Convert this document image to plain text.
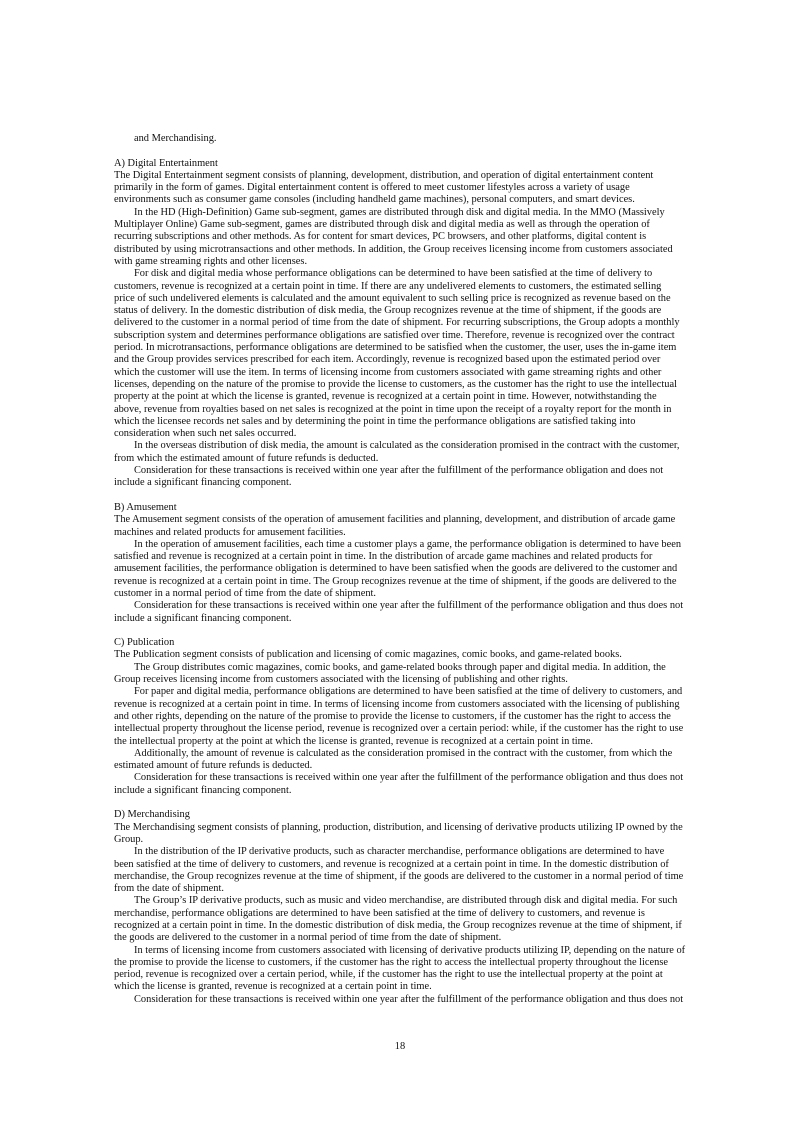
and Merchandising.
A) Digital Entertainment
The Digital Entertainment segment consists of planning, development, distribution, and operation of digital entertainment content
primarily in the form of games. Digital entertainment content is offered to meet customer lifestyles across a variety of usage
environments such as consumer game consoles (including handheld game machines), personal computers, and smart devices.
In the HD (High-Definition) Game sub-segment, games are distributed through disk and digital media. In the MMO (Massively
Multiplayer Online) Game sub-segment, games are distributed through disk and digital media as well as through the operation of
recurring subscriptions and other methods. As for content for smart devices, PC browsers, and other platforms, digital content is
distributed by using microtransactions and other methods. In addition, the Group receives licensing income from customers associated
with game streaming rights and other licenses.
For disk and digital media whose performance obligations can be determined to have been satisfied at the time of delivery to
customers, revenue is recognized at a certain point in time. If there are any undelivered elements to customers, the estimated selling
price of such undelivered elements is calculated and the amount equivalent to such selling price is recognized as revenue based on the
status of delivery. In the domestic distribution of disk media, the Group recognizes revenue at the time of shipment, if the goods are
delivered to the customer in a normal period of time from the date of shipment. For recurring subscriptions, the Group adopts a monthly
subscription system and determines performance obligations are satisfied over time. Therefore, revenue is recognized over the contract
period. In microtransactions, performance obligations are determined to be satisfied when the customer, the user, uses the in-game item
and the Group provides services prescribed for each item. Accordingly, revenue is recognized based upon the estimated period over
which the customer will use the item. In terms of licensing income from customers associated with game streaming rights and other
licenses, depending on the nature of the promise to provide the license to customers, as the customer has the right to use the intellectual
property at the point at which the license is granted, revenue is recognized at a certain point in time. However, notwithstanding the
above, revenue from royalties based on net sales is recognized at the point in time upon the receipt of a royalty report for the month in
which the licensee records net sales and by determining the point in time the performance obligations are satisfied taking into
consideration when such net sales occurred.
In the overseas distribution of disk media, the amount is calculated as the consideration promised in the contract with the customer,
from which the estimated amount of future refunds is deducted.
Consideration for these transactions is received within one year after the fulfillment of the performance obligation and does not
include a significant financing component.
B) Amusement
The Amusement segment consists of the operation of amusement facilities and planning, development, and distribution of arcade game
machines and related products for amusement facilities.
In the operation of amusement facilities, each time a customer plays a game, the performance obligation is determined to have been
satisfied and revenue is recognized at a certain point in time. In the distribution of arcade game machines and related products for
amusement facilities, the performance obligation is determined to have been satisfied when the goods are delivered to the customer and
revenue is recognized at a certain point in time. The Group recognizes revenue at the time of shipment, if the goods are delivered to the
customer in a normal period of time from the date of shipment.
Consideration for these transactions is received within one year after the fulfillment of the performance obligation and thus does not
include a significant financing component.
C) Publication
The Publication segment consists of publication and licensing of comic magazines, comic books, and game-related books.
The Group distributes comic magazines, comic books, and game-related books through paper and digital media. In addition, the
Group receives licensing income from customers associated with the licensing of publishing and other rights.
For paper and digital media, performance obligations are determined to have been satisfied at the time of delivery to customers, and
revenue is recognized at a certain point in time. In terms of licensing income from customers associated with the licensing of publishing
and other rights, depending on the nature of the promise to provide the license to customers, if the customer has the right to access the
intellectual property throughout the license period, revenue is recognized over a certain period: while, if the customer has the right to use
the intellectual property at the point at which the license is granted, revenue is recognized at a certain point in time.
Additionally, the amount of revenue is calculated as the consideration promised in the contract with the customer, from which the
estimated amount of future refunds is deducted.
Consideration for these transactions is received within one year after the fulfillment of the performance obligation and thus does not
include a significant financing component.
D) Merchandising
The Merchandising segment consists of planning, production, distribution, and licensing of derivative products utilizing IP owned by the
Group.
In the distribution of the IP derivative products, such as character merchandise, performance obligations are determined to have
been satisfied at the time of delivery to customers, and revenue is recognized at a certain point in time. In the domestic distribution of
merchandise, the Group recognizes revenue at the time of shipment, if the goods are delivered to the customer in a normal period of time
from the date of shipment.
The Group’s IP derivative products, such as music and video merchandise, are distributed through disk and digital media. For such
merchandise, performance obligations are determined to have been satisfied at the time of delivery to customers, and revenue is
recognized at a certain point in time. In the domestic distribution of disk media, the Group recognizes revenue at the time of shipment, if
the goods are delivered to the customer in a normal period of time from the date of shipment.
In terms of licensing income from customers associated with licensing of derivative products utilizing IP, depending on the nature of
the promise to provide the license to customers, if the customer has the right to access the intellectual property throughout the license
period, revenue is recognized over a certain period, while, if the customer has the right to use the intellectual property at the point at
which the license is granted, revenue is recognized at a certain point in time.
Consideration for these transactions is received within one year after the fulfillment of the performance obligation and thus does not
18
